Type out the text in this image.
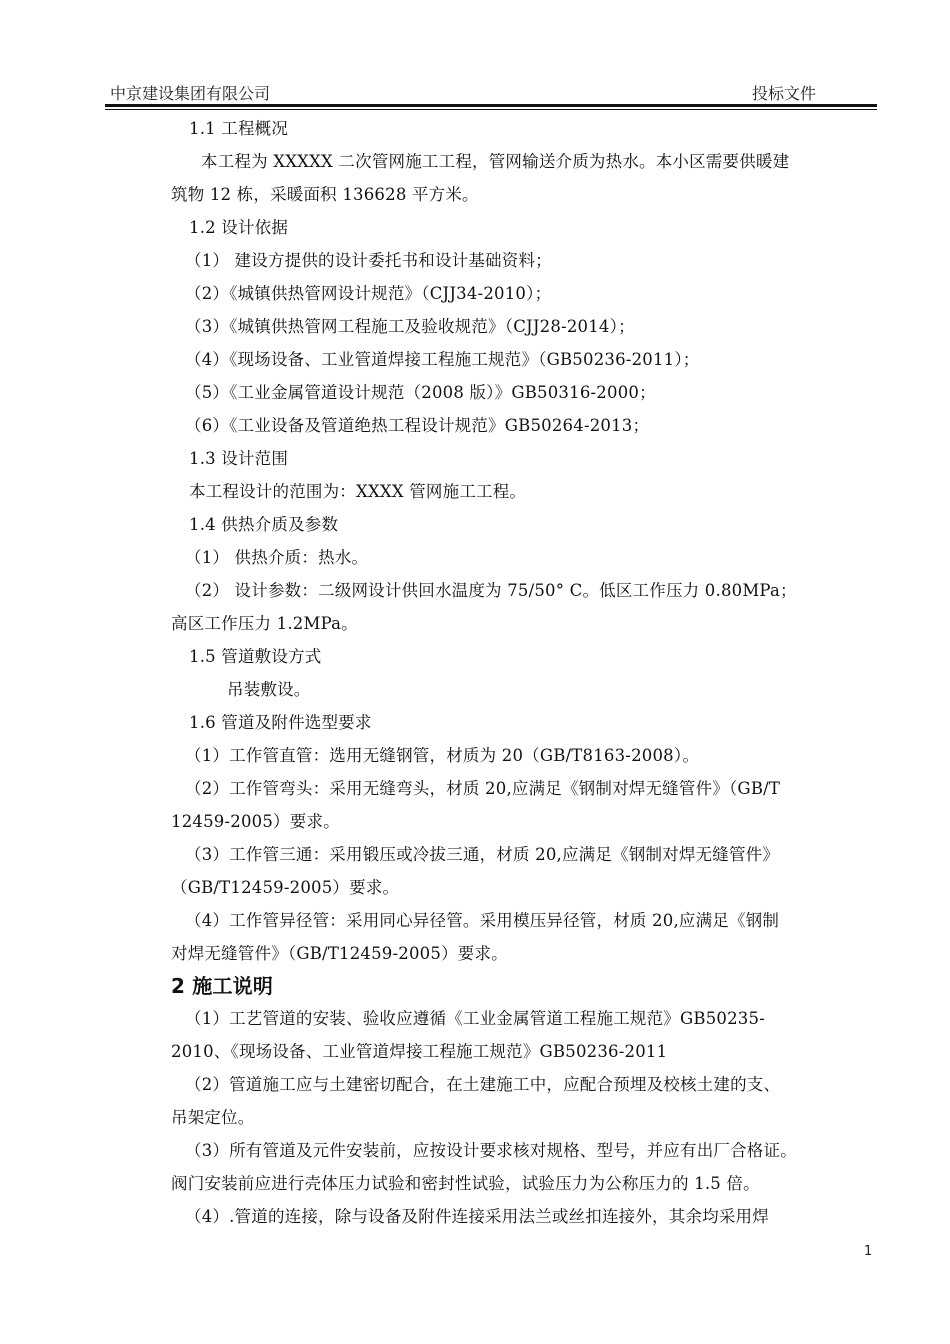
中京建设集团有限公司	投标文件

1.1 工程概况

本工程为 XXXXX 二次管网施工工程，管网输送介质为热水。本小区需要供暖建

筑物 12 栋，采暖面积 136628 平方米。

1.2 设计依据

（1） 建设方提供的设计委托书和设计基础资料；

（2）《城镇供热管网设计规范》（CJJ34-2010）；

（3）《城镇供热管网工程施工及验收规范》（CJJ28-2014）；

（4）《现场设备、工业管道焊接工程施工规范》（GB50236-2011）；

（5）《工业金属管道设计规范（2008 版）》GB50316-2000；

（6）《工业设备及管道绝热工程设计规范》GB50264-2013；

1.3 设计范围

本工程设计的范围为：XXXX 管网施工工程。

1.4 供热介质及参数

（1） 供热介质：热水。

（2） 设计参数：二级网设计供回水温度为 75/50° C。低区工作压力 0.80MPa；

高区工作压力 1.2MPa。

1.5 管道敷设方式

吊装敷设。

1.6 管道及附件选型要求

（1）工作管直管：选用无缝钢管，材质为 20（GB/T8163-2008）。

（2）工作管弯头：采用无缝弯头，材质 20,应满足《钢制对焊无缝管件》（GB/T

12459-2005）要求。

（3）工作管三通：采用锻压或冷拔三通，材质 20,应满足《钢制对焊无缝管件》

（GB/T12459-2005）要求。

（4）工作管异径管：采用同心异径管。采用模压异径管，材质 20,应满足《钢制

对焊无缝管件》（GB/T12459-2005）要求。

2 施工说明

（1）工艺管道的安装、验收应遵循《工业金属管道工程施工规范》GB50235-

2010、《现场设备、工业管道焊接工程施工规范》GB50236-2011

（2）管道施工应与土建密切配合，在土建施工中，应配合预埋及校核土建的支、

吊架定位。

（3）所有管道及元件安装前，应按设计要求核对规格、型号，并应有出厂合格证。

阀门安装前应进行壳体压力试验和密封性试验，试验压力为公称压力的 1.5 倍。

（4）.管道的连接，除与设备及附件连接采用法兰或丝扣连接外，其余均采用焊

1
